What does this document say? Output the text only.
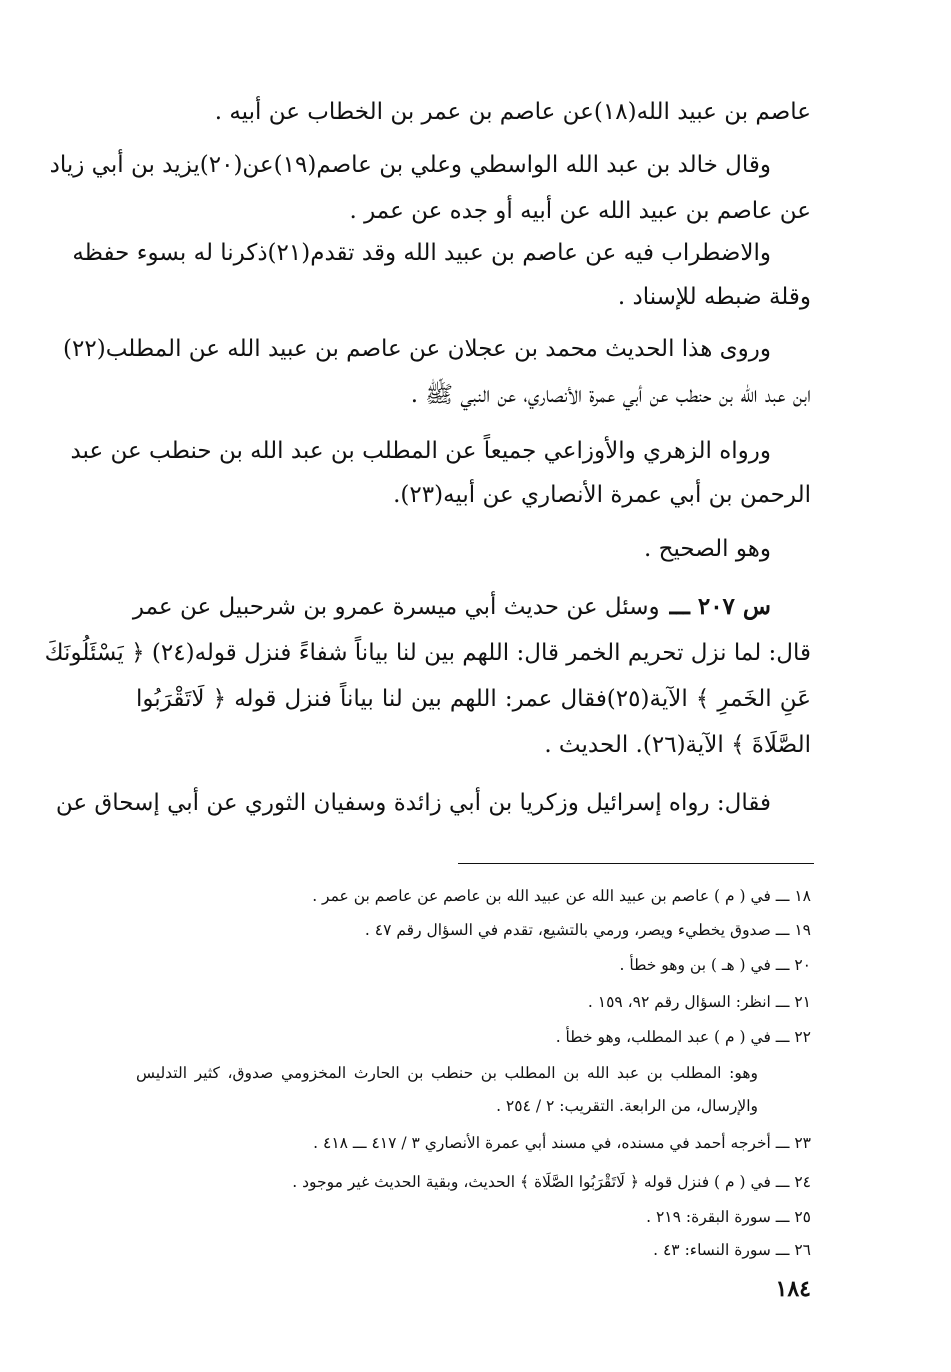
عاصم بن عبيد الله(١٨)عن عاصم بن عمر بن الخطاب عن أبيه .
وقال خالد بن عبد الله الواسطي وعلي بن عاصم(١٩)عن(٢٠)يزيد بن أبي زياد
عن عاصم بن عبيد الله عن أبيه أو جده عن عمر .
والاضطراب فيه عن عاصم بن عبيد الله وقد تقدم(٢١)ذكرنا له بسوء حفظه
وقلة ضبطه للإسناد .
وروى هذا الحديث محمد بن عجلان عن عاصم بن عبيد الله عن المطلب(٢٢)
ابن عبد الله بن حنطب عن أبي عمرة الأنصاري، عن النبي ﷺ .
ورواه الزهري والأوزاعي جميعاً عن المطلب بن عبد الله بن حنطب عن عبد
الرحمن بن أبي عمرة الأنصاري عن أبيه(٢٣).
وهو الصحيح .
س ٢٠٧ ـــ
وسئل عن حديث أبي ميسرة عمرو بن شرحبيل عن عمر
قال: لما نزل تحريم الخمر قال: اللهم بين لنا بياناً شفاءً فنزل قوله(٢٤) ﴿ يَسْئَلُونَكَ
عَنِ الخَمرِ ﴾ الآية(٢٥)فقال عمر: اللهم بين لنا بياناً فنزل قوله ﴿ لَاتَقْرَبُوا
الصَّلَاةَ ﴾ الآية(٢٦). الحديث .
فقال: رواه إسرائيل وزكريا بن أبي زائدة وسفيان الثوري عن أبي إسحاق عن
١٨ ـــ في ( م ) عاصم بن عبيد الله عن عبيد الله بن عاصم عن عاصم بن عمر .
١٩ ـــ صدوق يخطيء ويصر، ورمي بالتشيع، تقدم في السؤال رقم ٤٧ .
٢٠ ـــ في ( هـ ) بن وهو خطأ .
٢١ ـــ انظر: السؤال رقم ٩٢، ١٥٩ .
٢٢ ـــ في ( م ) عبد المطلب، وهو خطأ .
وهو: المطلب بن عبد الله بن المطلب بن حنطب بن الحارث المخزومي صدوق، كثير التدليس
والإرسال، من الرابعة. التقريب: ٢ / ٢٥٤ .
٢٣ ـــ أخرجه أحمد في مسنده، في مسند أبي عمرة الأنصاري ٣ / ٤١٧ ـــ ٤١٨ .
٢٤ ـــ في ( م ) فنزل قوله ﴿ لَاتَقْرَبُوا الصَّلَاة ﴾ الحديث، وبقية الحديث غير موجود .
٢٥ ـــ سورة البقرة: ٢١٩ .
٢٦ ـــ سورة النساء: ٤٣ .
١٨٤
